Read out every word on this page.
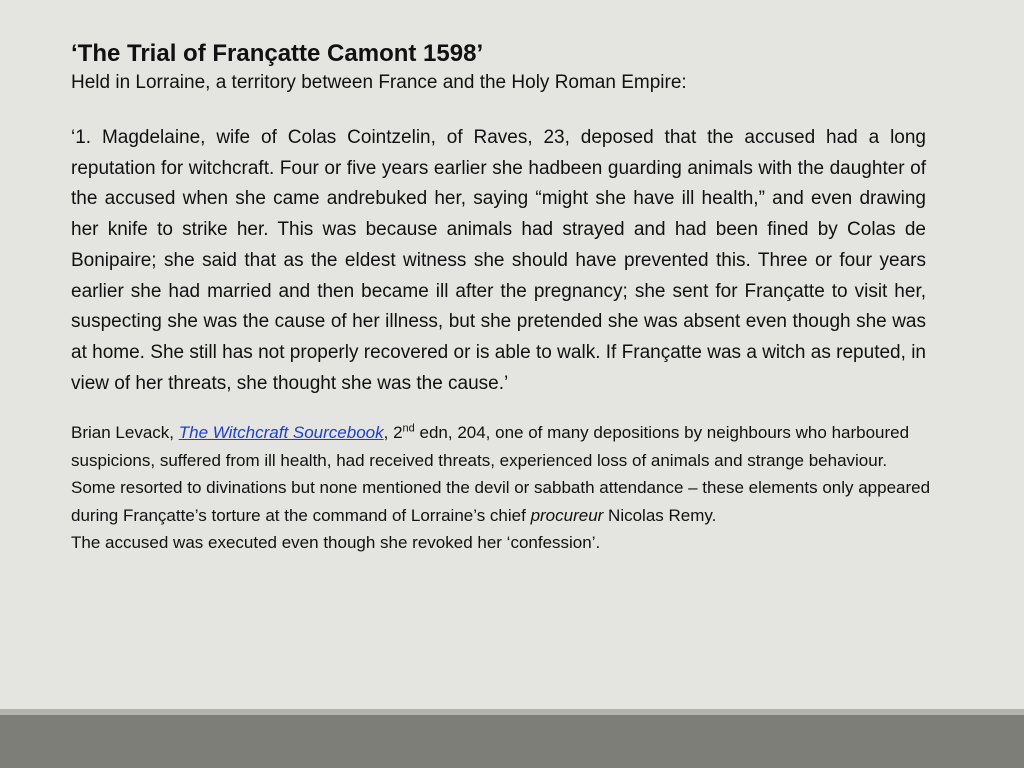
‘The Trial of Françatte Camont 1598’

Held in Lorraine, a territory between France and the Holy Roman Empire:

‘1. Magdelaine, wife of Colas Cointzelin, of Raves, 23, deposed that the accused had a long reputation for witchcraft. Four or five years earlier she hadbeen guarding animals with the daughter of the accused when she came andrebuked her, saying “might she have ill health,” and even drawing her knife to strike her. This was because animals had strayed and had been fined by Colas de Bonipaire; she said that as the eldest witness she should have prevented this. Three or four years earlier she had married and then became ill after the pregnancy; she sent for Françatte to visit her, suspecting she was the cause of her illness, but she pretended she was absent even though she was at home. She still has not properly recovered or is able to walk. If Françatte was a witch as reputed, in view of her threats, she thought she was the cause.’

Brian Levack, The Witchcraft Sourcebook, 2nd edn, 204, one of many depositions by neighbours who harboured suspicions, suffered from ill health, had received threats, experienced loss of animals and strange behaviour. Some resorted to divinations but none mentioned the devil or sabbath attendance – these elements only appeared during Françatte’s torture at the command of Lorraine’s chief procureur Nicolas Remy.

The accused was executed even though she revoked her ‘confession’.
